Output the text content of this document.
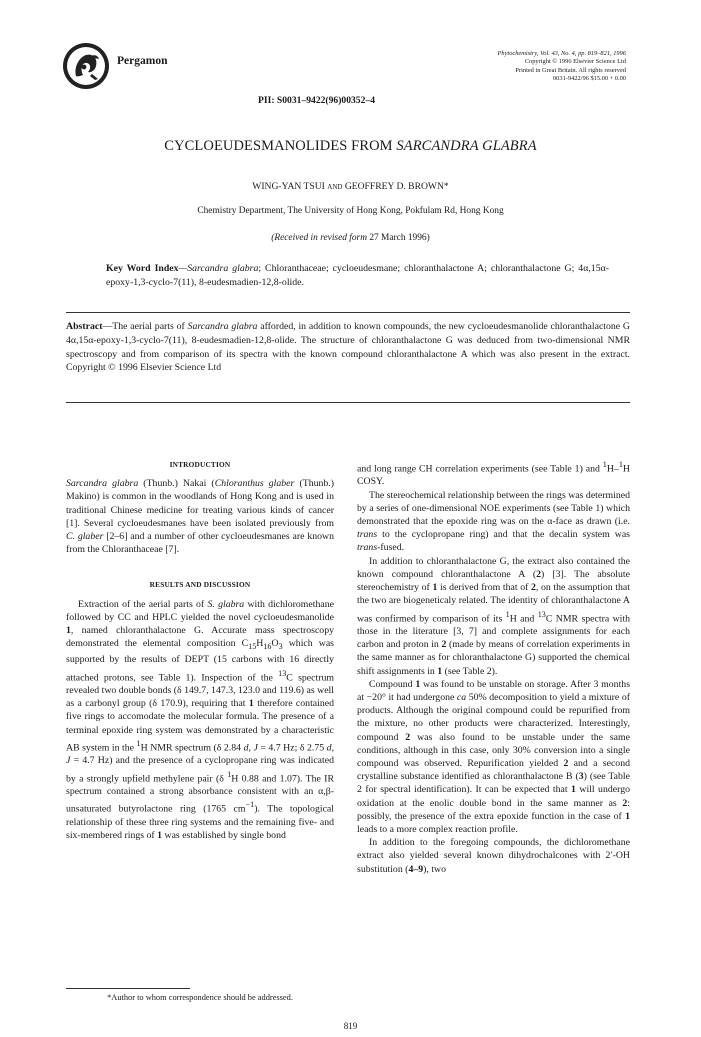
Pergamon
Phytochemistry, Vol. 43, No. 4, pp. 819–821, 1996
Copyright © 1996 Elsevier Science Ltd
Printed in Great Britain. All rights reserved
0031-9422/96 $15.00 + 0.00
PII: S0031–9422(96)00352–4
CYCLOEUDESMANOLIDES FROM SARCANDRA GLABRA
WING-YAN TSUI and GEOFFREY D. BROWN*
Chemistry Department, The University of Hong Kong, Pokfulam Rd, Hong Kong
(Received in revised form 27 March 1996)
Key Word Index—Sarcandra glabra; Chloranthaceae; cycloeudesmane; chloranthalactone A; chloranthalactone G; 4α,15α-epoxy-1,3-cyclo-7(11), 8-eudesmadien-12,8-olide.
Abstract—The aerial parts of Sarcandra glabra afforded, in addition to known compounds, the new cycloeudesmanolide chloranthalactone G 4α,15α-epoxy-1,3-cyclo-7(11), 8-eudesmadien-12,8-olide. The structure of chloranthalactone G was deduced from two-dimensional NMR spectroscopy and from comparison of its spectra with the known compound chloranthalactone A which was also present in the extract. Copyright © 1996 Elsevier Science Ltd
INTRODUCTION

Sarcandra glabra (Thunb.) Nakai (Chloranthus glaber (Thunb.) Makino) is common in the woodlands of Hong Kong and is used in traditional Chinese medicine for treating various kinds of cancer [1]. Several cycloeudesmanes have been isolated previously from C. glaber [2–6] and a number of other cycloeudesmanes are known from the Chloranthaceae [7].

RESULTS AND DISCUSSION

Extraction of the aerial parts of S. glabra with dichloromethane followed by CC and HPLC yielded the novel cycloeudesmanolide 1, named chloranthalactone G. Accurate mass spectroscopy demonstrated the elemental composition $C_{15}H_{16}O_3$ which was supported by the results of DEPT (15 carbons with 16 directly attached protons, see Table 1). Inspection of the $^{13}$C spectrum revealed two double bonds (δ 149.7, 147.3, 123.0 and 119.6) as well as a carbonyl group (δ 170.9), requiring that 1 therefore contained five rings to accomodate the molecular formula. The presence of a terminal epoxide ring system was demonstrated by a characteristic AB system in the $^1$H NMR spectrum (δ 2.84 d, J = 4.7 Hz; δ 2.75 d, J = 4.7 Hz) and the presence of a cyclopropane ring was indicated by a strongly upfield methylene pair (δ $^1$H 0.88 and 1.07). The IR spectrum contained a strong absorbance consistent with an α,β-unsaturated butyrolactone ring (1765 $cm^{-1}$). The topological relationship of these three ring systems and the remaining five- and six-membered rings of 1 was established by single bond

and long range CH correlation experiments (see Table 1) and $^1$H–$^1$H COSY.

The stereochemical relationship between the rings was determined by a series of one-dimensional NOE experiments (see Table 1) which demonstrated that the epoxide ring was on the α-face as drawn (i.e. trans to the cyclopropane ring) and that the decalin system was trans-fused.

In addition to chloranthalactone G, the extract also contained the known compound chloranthalactone A (2) [3]. The absolute stereochemistry of 1 is derived from that of 2, on the assumption that the two are biogeneticaly related. The identity of chloranthalactone A was confirmed by comparison of its $^1$H and $^{13}$C NMR spectra with those in the literature [3, 7] and complete assignments for each carbon and proton in 2 (made by means of correlation experiments in the same manner as for chloranthalactone G) supported the chemical shift assignments in 1 (see Table 2).

Compound 1 was found to be unstable on storage. After 3 months at −20° it had undergone ca 50% decomposition to yield a mixture of products. Although the original compound could be repurified from the mixture, no other products were characterized. Interestingly, compound 2 was also found to be unstable under the same conditions, although in this case, only 30% conversion into a single compound was observed. Repurification yielded 2 and a second crystalline substance identified as chloranthalactone B (3) (see Table 2 for spectral identification). It can be expected that 1 will undergo oxidation at the enolic double bond in the same manner as 2: possibly, the presence of the extra epoxide function in the case of 1 leads to a more complex reaction profile.

In addition to the foregoing compounds, the dichloromethane extract also yielded several known dihydrochalcones with 2′-OH substitution (4–9), two

*Author to whom correspondence should be addressed.
819
